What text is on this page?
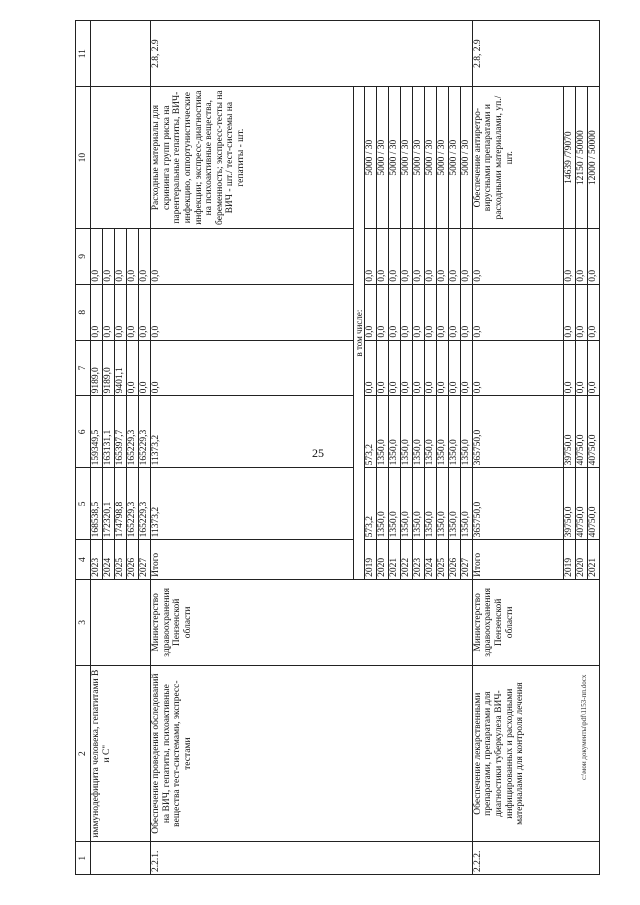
25
1	2	3	4	5	6	7	8	9	10	11
	иммунодефицита человека, гепатитами В и С"		2023	168538,5	159349,5	9189,0	0,0	0,0		
			2024	172320,1	163131,1	9189,0	0,0	0,0		
			2025	174798,8	165397,7	9401,1	0,0	0,0		
			2026	165229,3	165229,3	0,0	0,0	0,0		
			2027	165229,3	165229,3	0,0	0,0	0,0		
2.2.1.	Обеспечение проведения обследований на ВИЧ, гепатиты, психоактивные вещества тест-системами, экспресс-тестами	Министерство здравоохранения Пензенской области	Итого	11373,2	11373,2	0,0	0,0	0,0	Расходные материалы для скрининга групп риска на парентеральные гепатиты, ВИЧ-инфекцию, оппортунистические инфекции; экспресс-диагностика на психоактивные вещества, беременность; экспресс-тесты на ВИЧ - шт./ тест-системы на гепатиты - шт.	2.8, 2.9
			в том числе:							
			2019	573,2	573,2	0,0	0,0	0,0	5000 / 30	
			2020	1350,0	1350,0	0,0	0,0	0,0	5000 / 30	
			2021	1350,0	1350,0	0,0	0,0	0,0	5000 / 30	
			2022	1350,0	1350,0	0,0	0,0	0,0	5000 / 30	
			2023	1350,0	1350,0	0,0	0,0	0,0	5000 / 30	
			2024	1350,0	1350,0	0,0	0,0	0,0	5000 / 30	
			2025	1350,0	1350,0	0,0	0,0	0,0	5000 / 30	
			2026	1350,0	1350,0	0,0	0,0	0,0	5000 / 30	
			2027	1350,0	1350,0	0,0	0,0	0,0	5000 / 30	
2.2.2.	Обеспечение лекарственными препаратами, препаратами для диагностики туберкулеза ВИЧ-инфицированных и расходными материалами для контроля лечения	Министерство здравоохранения Пензенской области	Итого	365750,0	365750,0	0,0	0,0	0,0	Обеспечение антиретро-вирусными препаратами и расходными материалами, уп./ шт.	2.8, 2.9
			2019	39750,0	39750,0	0,0	0,0	0,0	14639 /79070	
			2020	40750,0	40750,0	0,0	0,0	0,0	12150 / 50000	
			2021	40750,0	40750,0	0,0	0,0	0,0	12000 / 50000	
c:\мои документы\pdf\1153-пп.docx
